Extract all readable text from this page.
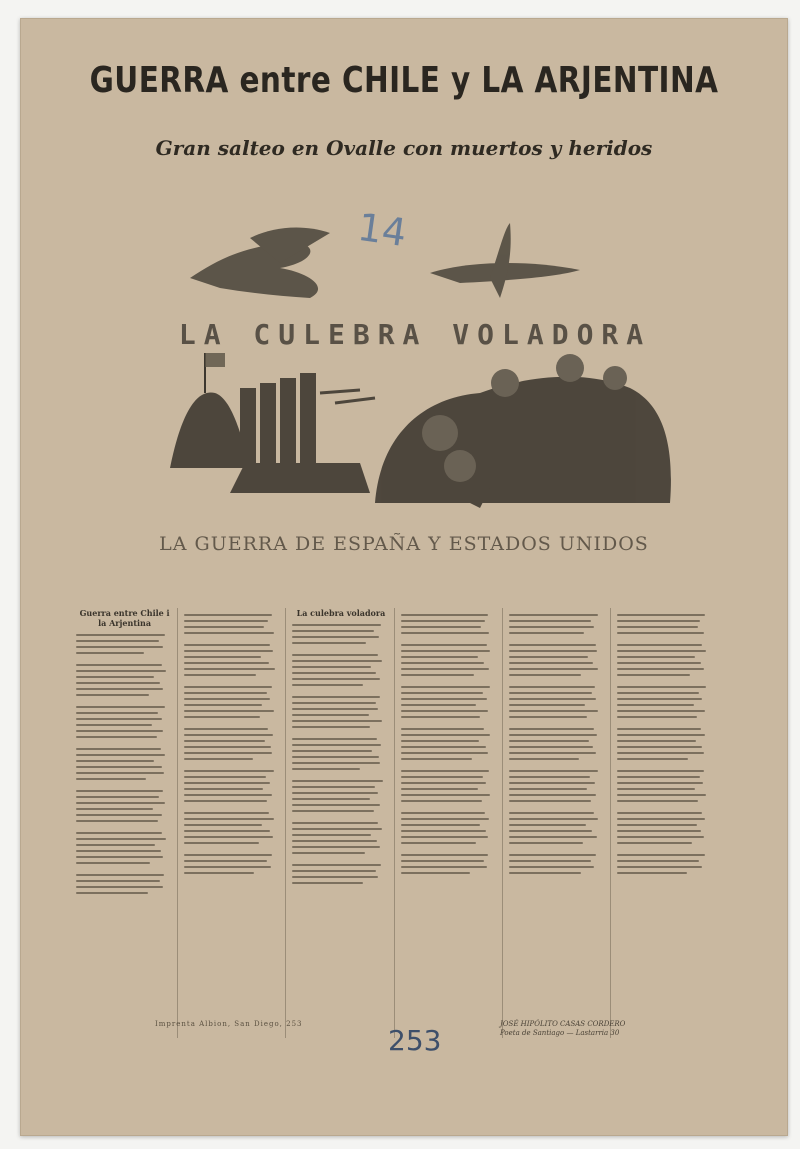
GUERRA entre CHILE y LA ARJENTINA
Gran salteo en Ovalle con muertos y heridos
14
LA CULEBRA VOLADORA
LA GUERRA DE ESPAÑA Y ESTADOS UNIDOS
Guerra entre Chile i la Arjentina
La culebra voladora
Imprenta Albion, San Diego, 253	JOSÉ HIPÓLITO CASAS CORDERO
Poeta de Santiago — Lastarria 30
253
